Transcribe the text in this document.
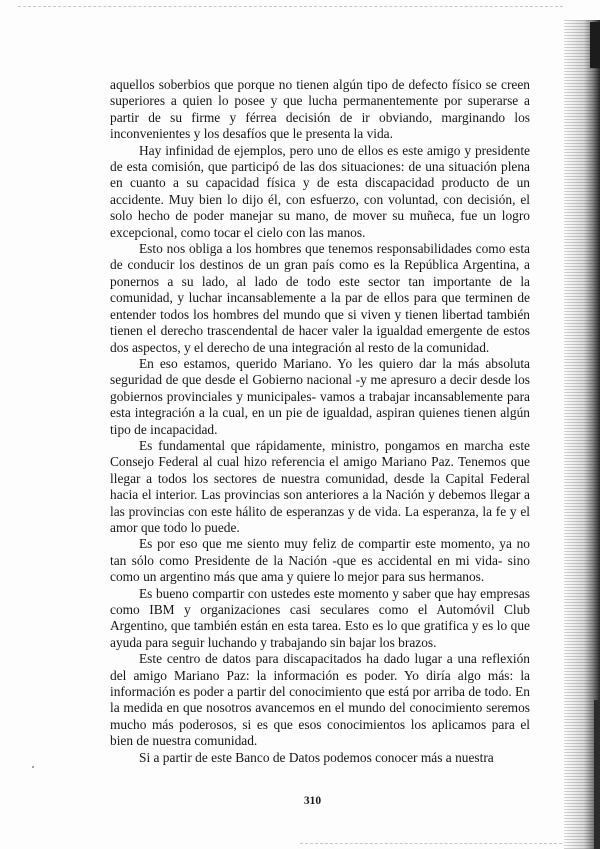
aquellos soberbios que porque no tienen algún tipo de defecto físico se creen superiores a quien lo posee y que lucha permanentemente por superarse a partir de su firme y férrea decisión de ir obviando, marginando los inconvenientes y los desafíos que le presenta la vida.

Hay infinidad de ejemplos, pero uno de ellos es este amigo y presidente de esta comisión, que participó de las dos situaciones: de una situación plena en cuanto a su capacidad física y de esta discapacidad producto de un accidente. Muy bien lo dijo él, con esfuerzo, con voluntad, con decisión, el solo hecho de poder manejar su mano, de mover su muñeca, fue un logro excepcional, como tocar el cielo con las manos.

Esto nos obliga a los hombres que tenemos responsabilidades como esta de conducir los destinos de un gran país como es la República Argentina, a ponernos a su lado, al lado de todo este sector tan importante de la comunidad, y luchar incansablemente a la par de ellos para que terminen de entender todos los hombres del mundo que si viven y tienen libertad también tienen el derecho trascendental de hacer valer la igualdad emergente de estos dos aspectos, y el derecho de una integración al resto de la comunidad.

En eso estamos, querido Mariano. Yo les quiero dar la más absoluta seguridad de que desde el Gobierno nacional -y me apresuro a decir desde los gobiernos provinciales y municipales- vamos a trabajar incansablemente para esta integración a la cual, en un pie de igualdad, aspiran quienes tienen algún tipo de incapacidad.

Es fundamental que rápidamente, ministro, pongamos en marcha este Consejo Federal al cual hizo referencia el amigo Mariano Paz. Tenemos que llegar a todos los sectores de nuestra comunidad, desde la Capital Federal hacia el interior. Las provincias son anteriores a la Nación y debemos llegar a las provincias con este hálito de esperanzas y de vida. La esperanza, la fe y el amor que todo lo puede.

Es por eso que me siento muy feliz de compartir este momento, ya no tan sólo como Presidente de la Nación -que es accidental en mi vida- sino como un argentino más que ama y quiere lo mejor para sus hermanos.

Es bueno compartir con ustedes este momento y saber que hay empresas como IBM y organizaciones casi seculares como el Automóvil Club Argentino, que también están en esta tarea. Esto es lo que gratifica y es lo que ayuda para seguir luchando y trabajando sin bajar los brazos.

Este centro de datos para discapacitados ha dado lugar a una reflexión del amigo Mariano Paz: la información es poder. Yo diría algo más: la información es poder a partir del conocimiento que está por arriba de todo. En la medida en que nosotros avancemos en el mundo del conocimiento seremos mucho más poderosos, si es que esos conocimientos los aplicamos para el bien de nuestra comunidad.

Si a partir de este Banco de Datos podemos conocer más a nuestra

310
